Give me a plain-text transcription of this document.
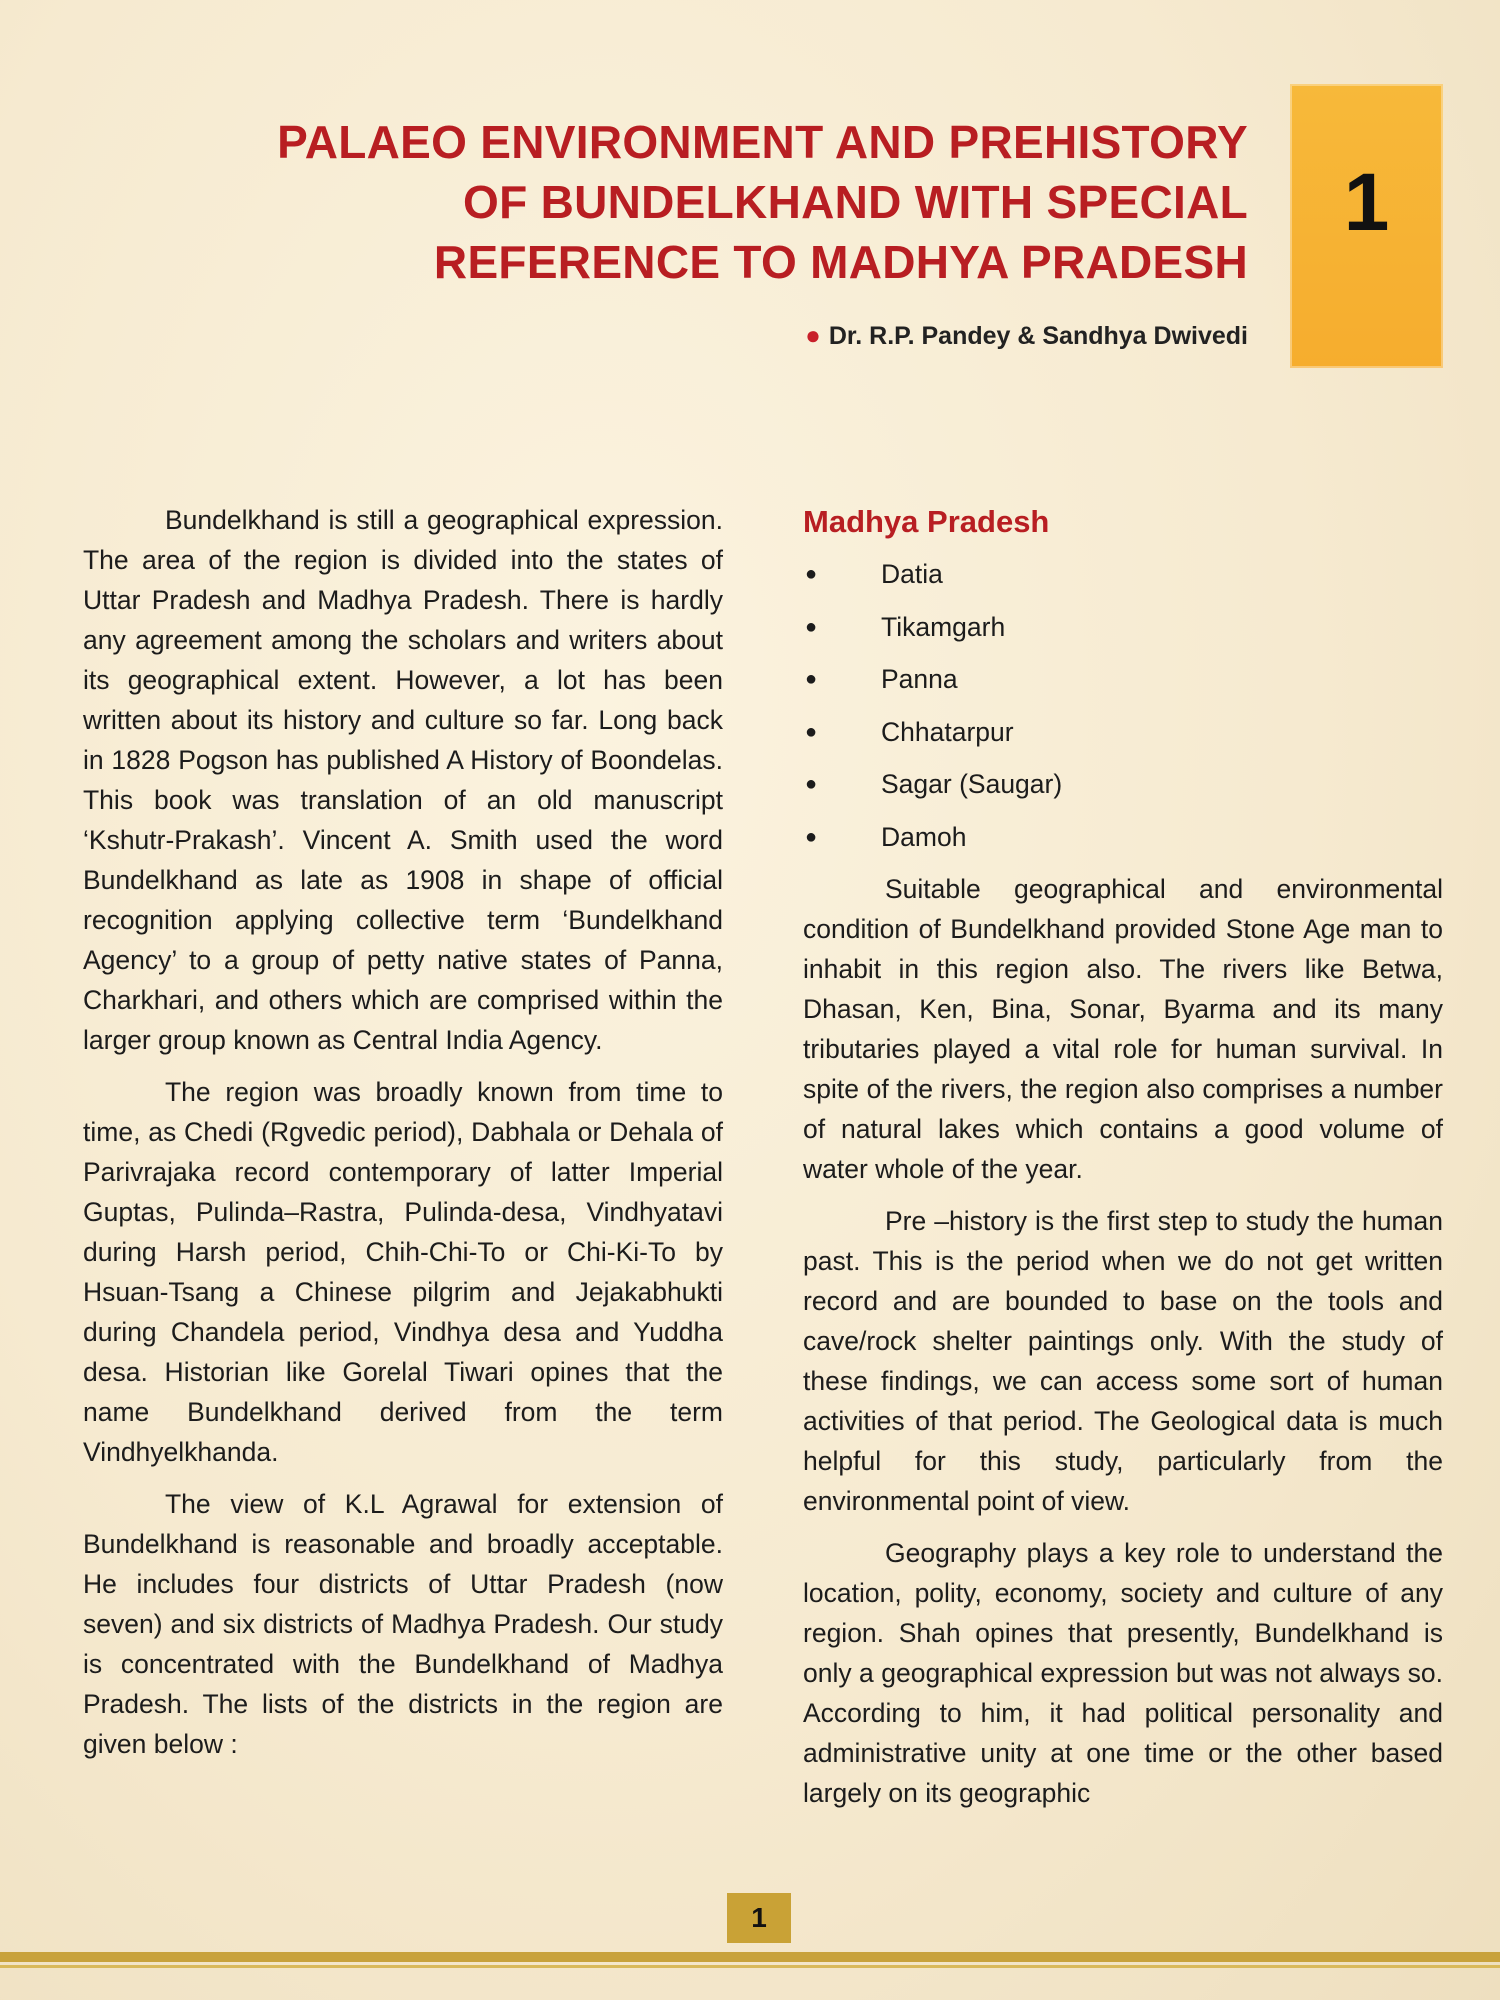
1
PALAEO ENVIRONMENT AND PREHISTORY
OF BUNDELKHAND WITH SPECIAL
REFERENCE TO MADHYA PRADESH
● Dr. R.P. Pandey & Sandhya Dwivedi

Bundelkhand is still a geographical expression. The area of the region is divided into the states of Uttar Pradesh and Madhya Pradesh. There is hardly any agreement among the scholars and writers about its geographical extent. However, a lot has been written about its history and culture so far. Long back in 1828 Pogson has published A History of Boondelas. This book was translation of an old manuscript ‘Kshutr-Prakash’. Vincent A. Smith used the word Bundelkhand as late as 1908 in shape of official recognition applying collective term ‘Bundelkhand Agency’ to a group of petty native states of Panna, Charkhari, and others which are comprised within the larger group known as Central India Agency.

The region was broadly known from time to time, as Chedi (Rgvedic period), Dabhala or Dehala of Parivrajaka record contemporary of latter Imperial Guptas, Pulinda–Rastra, Pulinda-desa, Vindhyatavi during Harsh period, Chih-Chi-To or Chi-Ki-To by Hsuan-Tsang a Chinese pilgrim and Jejakabhukti during Chandela period, Vindhya desa and Yuddha desa. Historian like Gorelal Tiwari opines that the name Bundelkhand derived from the term Vindhyelkhanda.

The view of K.L Agrawal for extension of Bundelkhand is reasonable and broadly acceptable. He includes four districts of Uttar Pradesh (now seven) and six districts of Madhya Pradesh. Our study is concentrated with the Bundelkhand of Madhya Pradesh. The lists of the districts in the region are given below :

Madhya Pradesh
● Datia
● Tikamgarh
● Panna
● Chhatarpur
● Sagar (Saugar)
● Damoh

Suitable geographical and environmental condition of Bundelkhand provided Stone Age man to inhabit in this region also. The rivers like Betwa, Dhasan, Ken, Bina, Sonar, Byarma and its many tributaries played a vital role for human survival. In spite of the rivers, the region also comprises a number of natural lakes which contains a good volume of water whole of the year.

Pre –history is the first step to study the human past. This is the period when we do not get written record and are bounded to base on the tools and cave/rock shelter paintings only. With the study of these findings, we can access some sort of human activities of that period. The Geological data is much helpful for this study, particularly from the environmental point of view.

Geography plays a key role to understand the location, polity, economy, society and culture of any region. Shah opines that presently, Bundelkhand is only a geographical expression but was not always so. According to him, it had political personality and administrative unity at one time or the other based largely on its geographic

1
